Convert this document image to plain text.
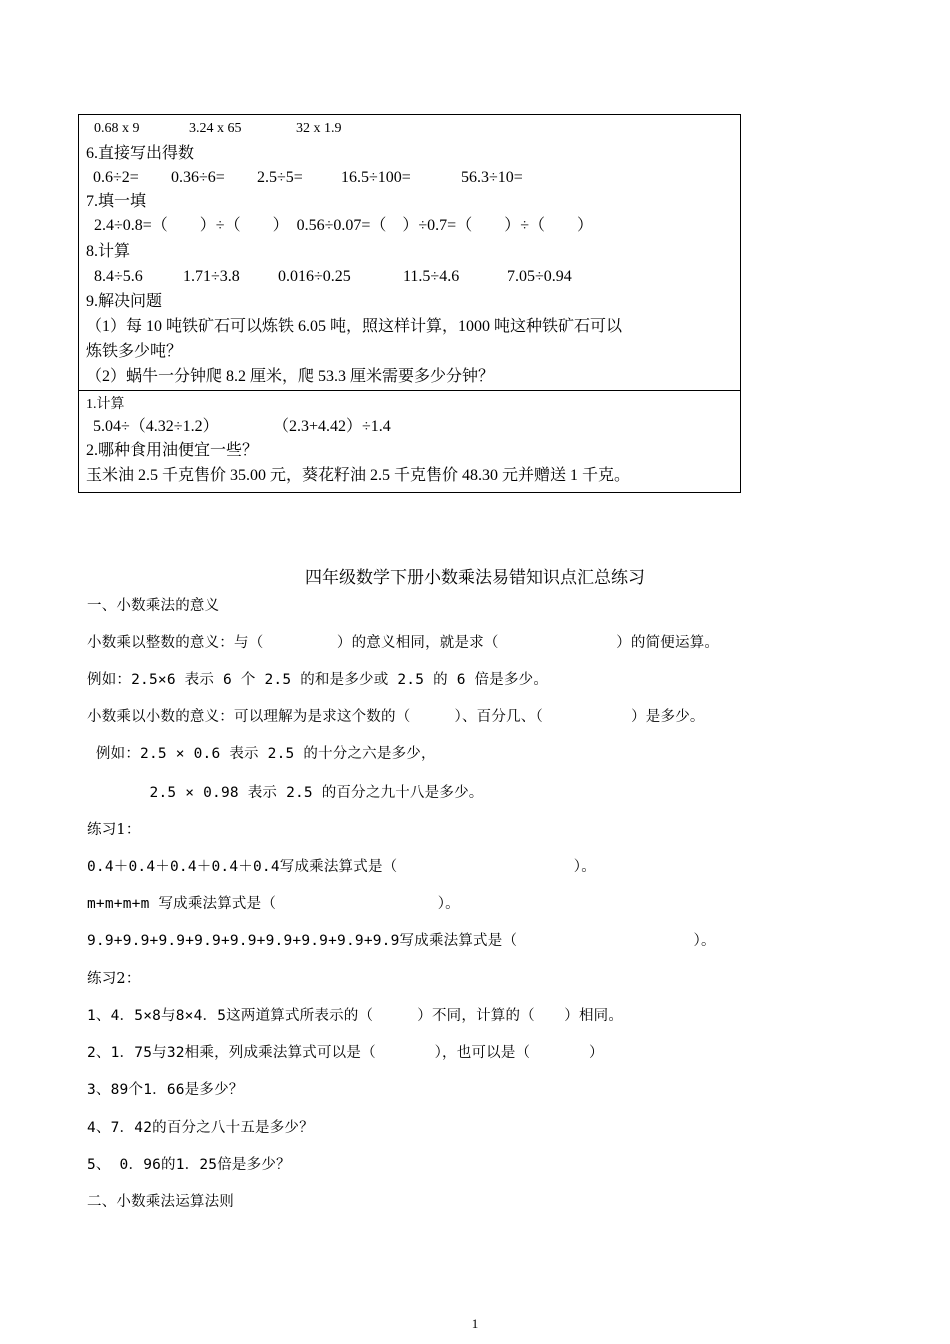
0.68 x 9	3.24 x 65	32 x 1.9
6.直接写出得数
0.6÷2= 0.36÷6= 2.5÷5= 16.5÷100=	56.3÷10=
7.填一填
2.4÷0.8=（　　）÷（　　）　0.56÷0.07=（　）÷0.7=（　　）÷（　　）
8.计算
8.4÷5.6	1.71÷3.8 0.016÷0.25	11.5÷4.6	7.05÷0.94
9.解决问题
（1）每 10 吨铁矿石可以炼铁 6.05 吨，照这样计算，1000 吨这种铁矿石可以
炼铁多少吨？
（2）蜗牛一分钟爬 8.2 厘米，爬 53.3 厘米需要多少分钟？
1.计算
5.04÷（4.32÷1.2）	（2.3+4.42）÷1.4
2.哪种食用油便宜一些？
玉米油 2.5 千克售价 35.00 元，葵花籽油 2.5 千克售价 48.30 元并赠送 1 千克。
四年级数学下册小数乘法易错知识点汇总练习
一、小数乘法的意义
小数乘以整数的意义：与（　　　　　）的意义相同，就是求（　　　　　　　　）的简便运算。
例如：2.5×6 表示 6 个 2.5 的和是多少或 2.5 的 6 倍是多少。
小数乘以小数的意义：可以理解为是求这个数的（　　　）、百分几、（　　　　　　）是多少。
例如：2.5 × 0.6 表示 2.5 的十分之六是多少，
2.5 × 0.98 表示 2.5 的百分之九十八是多少。
练习1：
0.4＋0.4＋0.4＋0.4＋0.4写成乘法算式是（　　　　　　　　　　　　）。
m+m+m+m 写成乘法算式是（　　　　　　　　　　　）。
9.9+9.9+9.9+9.9+9.9+9.9+9.9+9.9+9.9写成乘法算式是（　　　　　　　　　　　　）。
练习2：
1、4．5×8与8×4．5这两道算式所表示的（　　　）不同，计算的（　　）相同。
2、1．75与32相乘，列成乘法算式可以是（　　　　），也可以是（　　　　）
3、89个1．66是多少？
4、7．42的百分之八十五是多少？
5、 0．96的1．25倍是多少？
二、小数乘法运算法则
1
